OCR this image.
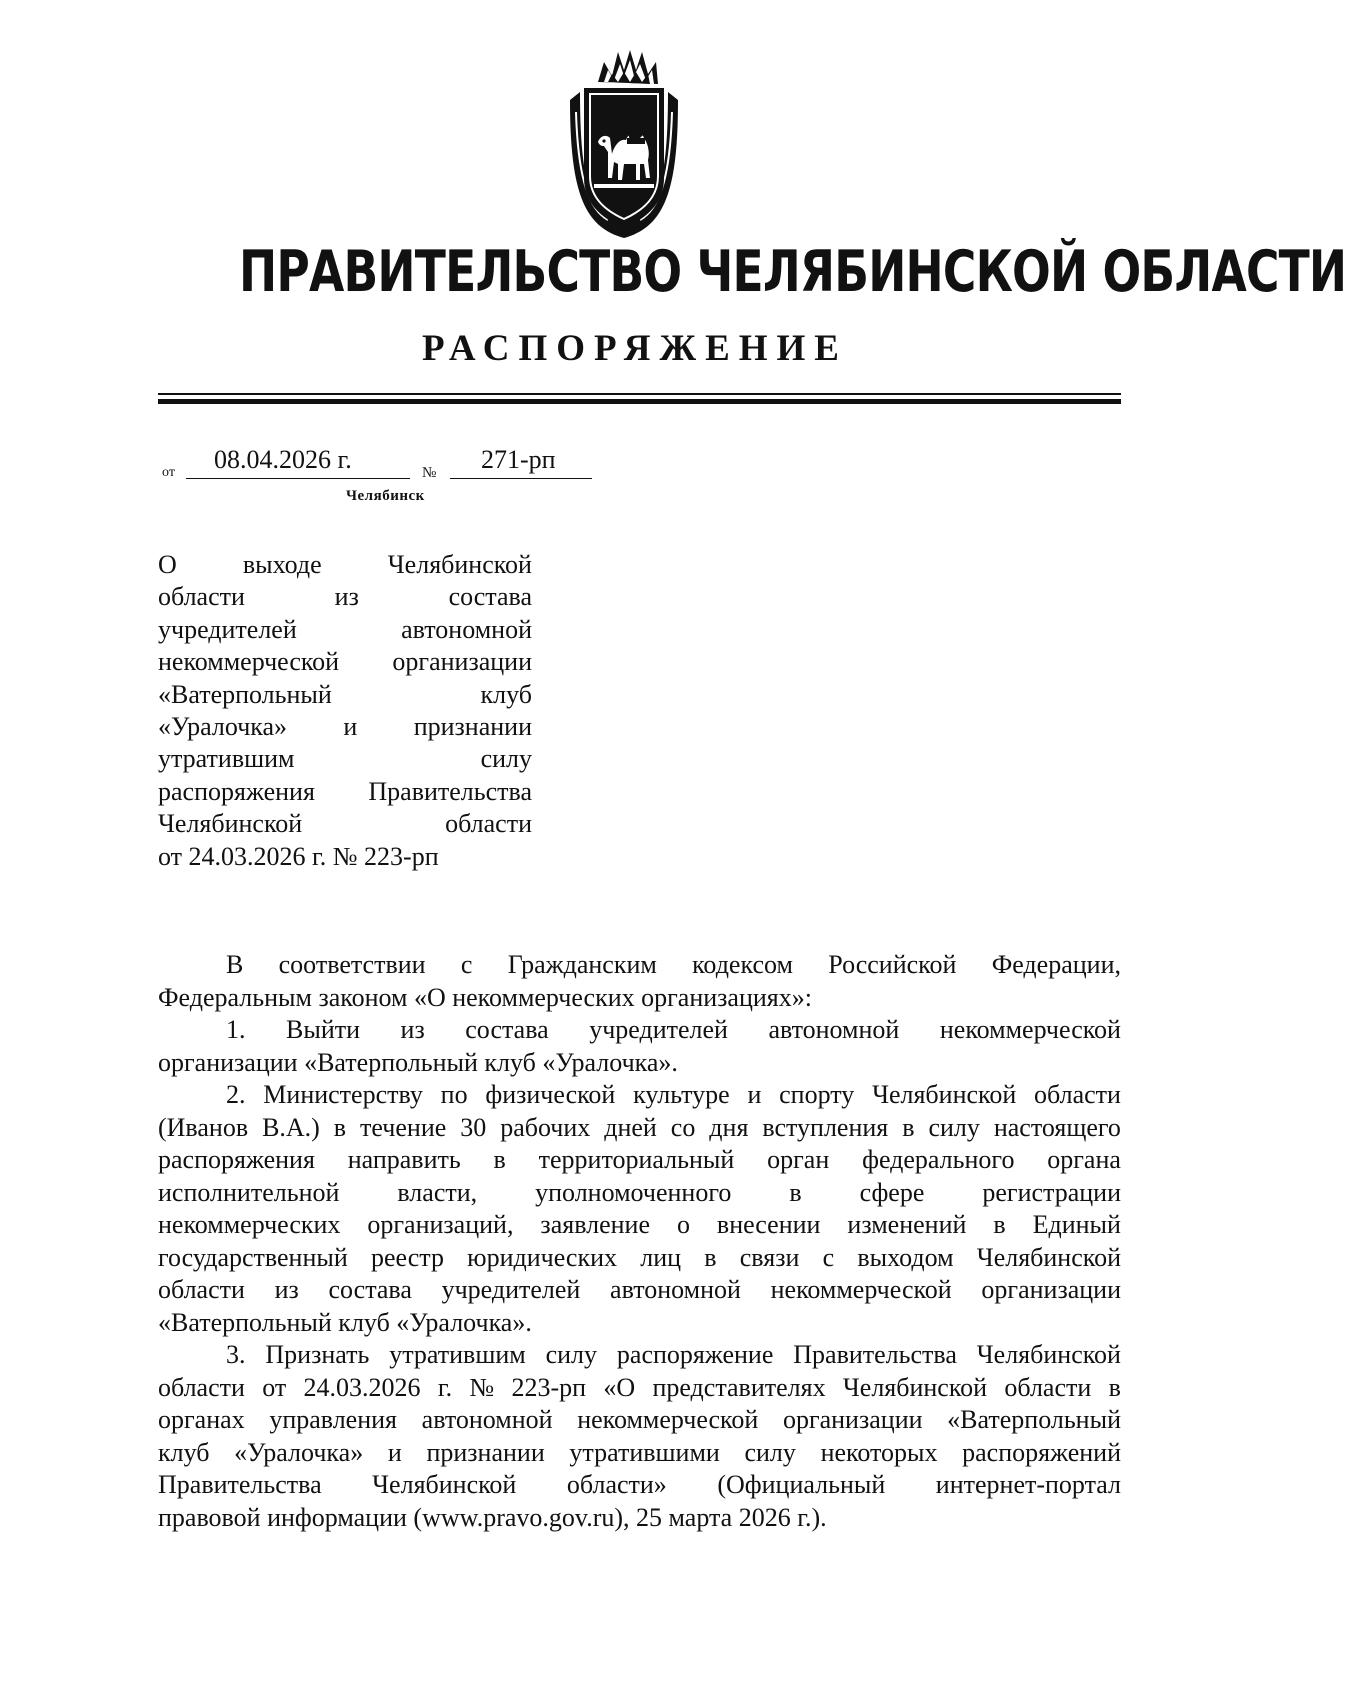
ПРАВИТЕЛЬСТВО ЧЕЛЯБИНСКОЙ ОБЛАСТИ
РАСПОРЯЖЕНИЕ
от 08.04.2026 г.	№ 271-рп
Челябинск
О	выходе	Челябинской
области	из	состава
учредителей	автономной
некоммерческой организации
«Ватерпольный	клуб
«Уралочка» и признании
утратившим	силу
распоряжения Правительства
Челябинской	области
от 24.03.2026 г. № 223-рп
В соответствии с Гражданским кодексом Российской Федерации,
Федеральным законом «О некоммерческих организациях»:
1. Выйти из состава учредителей автономной некоммерческой
организации «Ватерпольный клуб «Уралочка».
2. Министерству по физической культуре и спорту Челябинской области
(Иванов В.А.) в течение 30 рабочих дней со дня вступления в силу настоящего
распоряжения направить в территориальный орган федерального органа
исполнительной власти, уполномоченного в сфере регистрации
некоммерческих организаций, заявление о внесении изменений в Единый
государственный реестр юридических лиц в связи с выходом Челябинской
области из состава учредителей автономной некоммерческой организации
«Ватерпольный клуб «Уралочка».
3. Признать утратившим силу распоряжение Правительства Челябинской
области от 24.03.2026 г. № 223-рп «О представителях Челябинской области в
органах управления автономной некоммерческой организации «Ватерпольный
клуб «Уралочка» и признании утратившими силу некоторых распоряжений
Правительства Челябинской области» (Официальный интернет-портал
правовой информации (www.pravo.gov.ru), 25 марта 2026 г.).
